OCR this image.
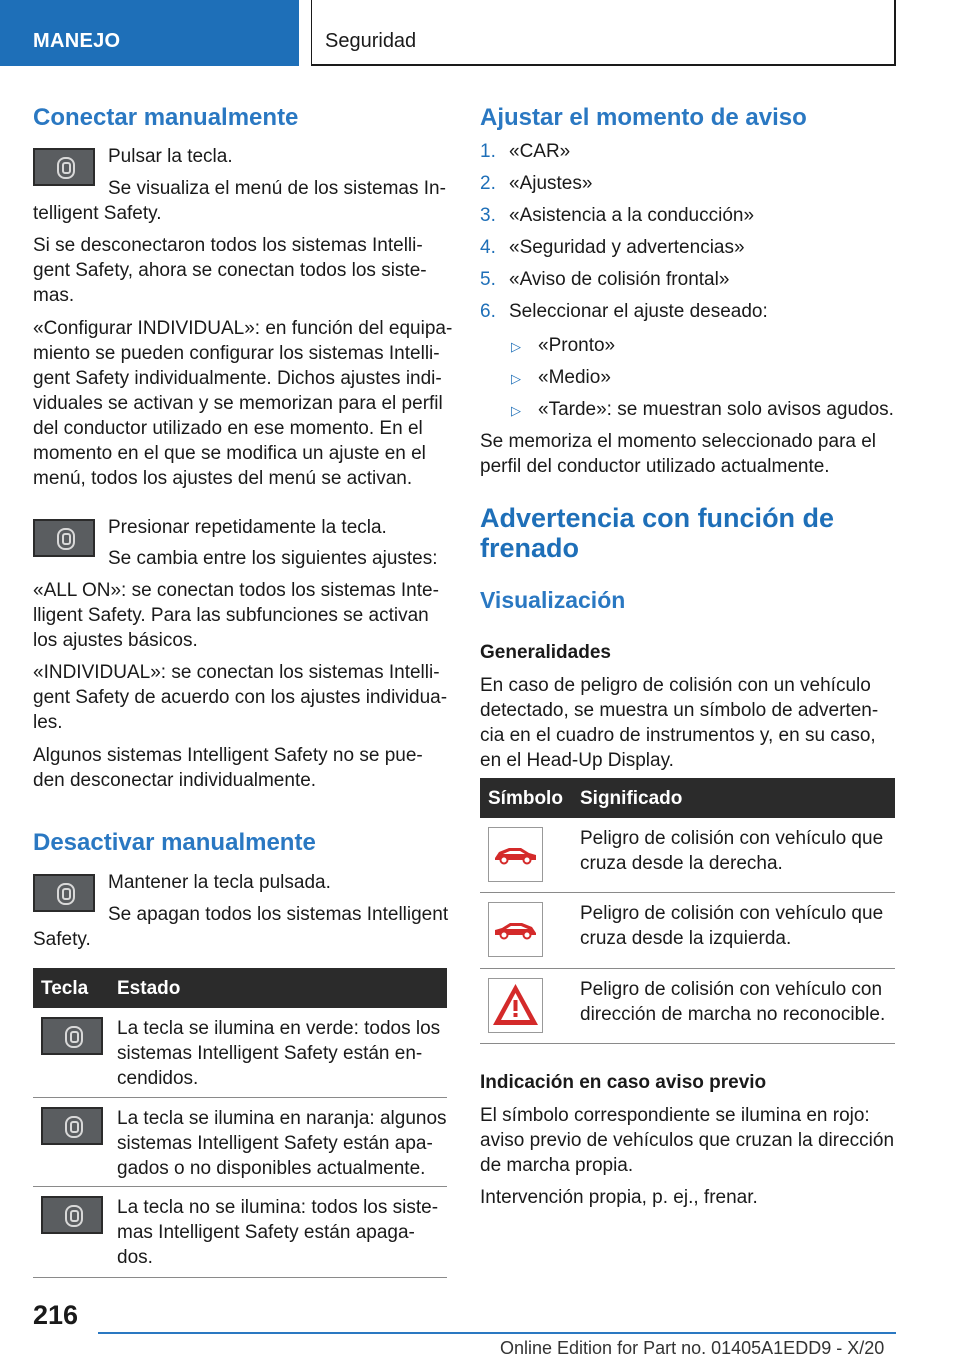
MANEJO	Seguridad
Conectar manualmente
Pulsar la tecla.
Se visualiza el menú de los sistemas In-
telligent Safety.
Si se desconectaron todos los sistemas Intelli-
gent Safety, ahora se conectan todos los siste-
mas.
«Configurar INDIVIDUAL»: en función del equipa-
miento se pueden configurar los sistemas Intelli-
gent Safety individualmente. Dichos ajustes indi-
viduales se activan y se memorizan para el perfil
del conductor utilizado en ese momento. En el
momento en el que se modifica un ajuste en el
menú, todos los ajustes del menú se activan.
Presionar repetidamente la tecla.
Se cambia entre los siguientes ajustes:
«ALL ON»: se conectan todos los sistemas Inte-
lligent Safety. Para las subfunciones se activan
los ajustes básicos.
«INDIVIDUAL»: se conectan los sistemas Intelli-
gent Safety de acuerdo con los ajustes individua-
les.
Algunos sistemas Intelligent Safety no se pue-
den desconectar individualmente.
Desactivar manualmente
Mantener la tecla pulsada.
Se apagan todos los sistemas Intelligent
Safety.
Tecla Estado
La tecla se ilumina en verde: todos los
sistemas Intelligent Safety están en-
cendidos.
La tecla se ilumina en naranja: algunos
sistemas Intelligent Safety están apa-
gados o no disponibles actualmente.
La tecla no se ilumina: todos los siste-
mas Intelligent Safety están apaga-
dos.
Ajustar el momento de aviso
1. «CAR»
2. «Ajustes»
3. «Asistencia a la conducción»
4. «Seguridad y advertencias»
5. «Aviso de colisión frontal»
6. Seleccionar el ajuste deseado:
▷ «Pronto»
▷ «Medio»
▷ «Tarde»: se muestran solo avisos agudos.
Se memoriza el momento seleccionado para el
perfil del conductor utilizado actualmente.
Advertencia con función de
frenado
Visualización
Generalidades
En caso de peligro de colisión con un vehículo
detectado, se muestra un símbolo de adverten-
cia en el cuadro de instrumentos y, en su caso,
en el Head-Up Display.
Símbolo Significado
Peligro de colisión con vehículo que
cruza desde la derecha.
Peligro de colisión con vehículo que
cruza desde la izquierda.
Peligro de colisión con vehículo con
dirección de marcha no reconocible.
Indicación en caso aviso previo
El símbolo correspondiente se ilumina en rojo:
aviso previo de vehículos que cruzan la dirección
de marcha propia.
Intervención propia, p. ej., frenar.
216
Online Edition for Part no. 01405A1EDD9 - X/20
